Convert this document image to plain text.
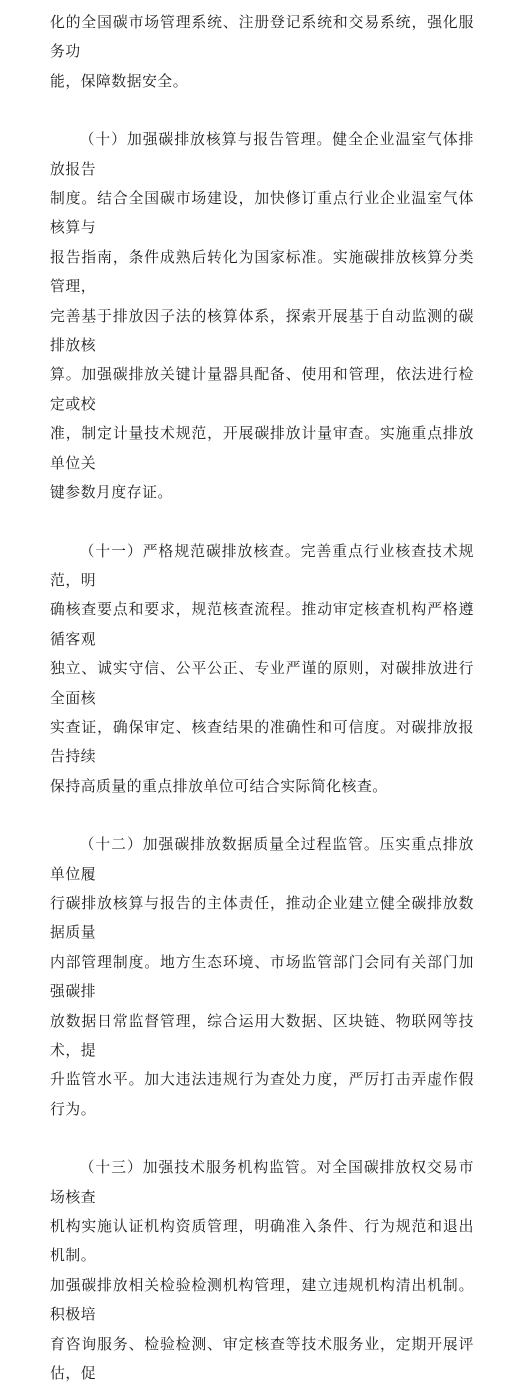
化的全国碳市场管理系统、注册登记系统和交易系统，强化服务功
能，保障数据安全。
（十）加强碳排放核算与报告管理。健全企业温室气体排放报告
制度。结合全国碳市场建设，加快修订重点行业企业温室气体核算与
报告指南，条件成熟后转化为国家标准。实施碳排放核算分类管理，
完善基于排放因子法的核算体系，探索开展基于自动监测的碳排放核
算。加强碳排放关键计量器具配备、使用和管理，依法进行检定或校
准，制定计量技术规范，开展碳排放计量审查。实施重点排放单位关
键参数月度存证。
（十一）严格规范碳排放核查。完善重点行业核查技术规范，明
确核查要点和要求，规范核查流程。推动审定核查机构严格遵循客观
独立、诚实守信、公平公正、专业严谨的原则，对碳排放进行全面核
实查证，确保审定、核查结果的准确性和可信度。对碳排放报告持续
保持高质量的重点排放单位可结合实际简化核查。
（十二）加强碳排放数据质量全过程监管。压实重点排放单位履
行碳排放核算与报告的主体责任，推动企业建立健全碳排放数据质量
内部管理制度。地方生态环境、市场监管部门会同有关部门加强碳排
放数据日常监督管理，综合运用大数据、区块链、物联网等技术，提
升监管水平。加大违法违规行为查处力度，严厉打击弄虚作假行为。
（十三）加强技术服务机构监管。对全国碳排放权交易市场核查
机构实施认证机构资质管理，明确准入条件、行为规范和退出机制。
加强碳排放相关检验检测机构管理，建立违规机构清出机制。积极培
育咨询服务、检验检测、审定核查等技术服务业，定期开展评估，促
